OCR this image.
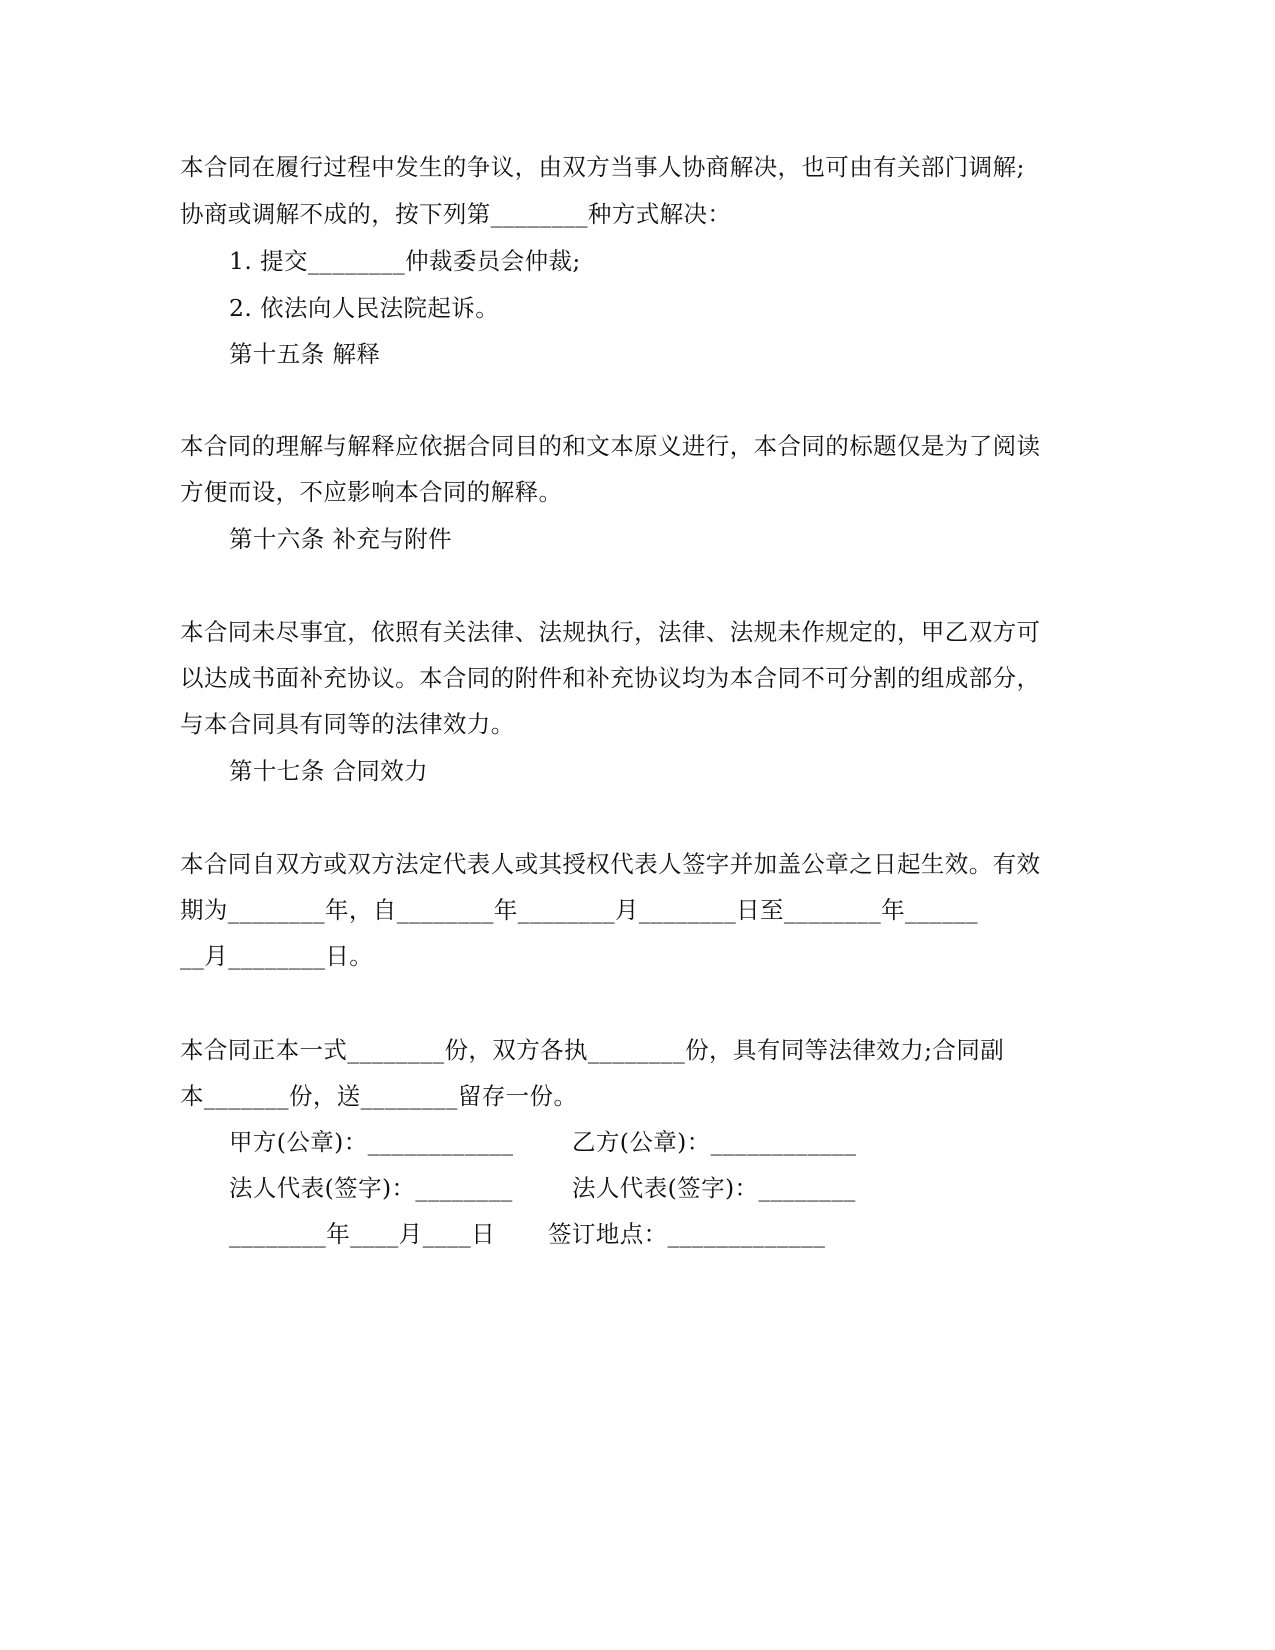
本合同在履行过程中发生的争议，由双方当事人协商解决，也可由有关部门调解;
协商或调解不成的，按下列第________种方式解决：
1. 提交________仲裁委员会仲裁;
2. 依法向人民法院起诉。
第十五条 解释
本合同的理解与解释应依据合同目的和文本原义进行，本合同的标题仅是为了阅读
方便而设，不应影响本合同的解释。
第十六条 补充与附件
本合同未尽事宜，依照有关法律、法规执行，法律、法规未作规定的，甲乙双方可
以达成书面补充协议。本合同的附件和补充协议均为本合同不可分割的组成部分，
与本合同具有同等的法律效力。
第十七条 合同效力
本合同自双方或双方法定代表人或其授权代表人签字并加盖公章之日起生效。有效
期为________年，自________年________月________日至________年______
__月________日。
本合同正本一式________份，双方各执________份，具有同等法律效力;合同副
本_______份，送________留存一份。
甲方(公章)：____________ 乙方(公章)：____________
法人代表(签字)：________	法人代表(签字)：________
________年____月____日 签订地点：_____________
